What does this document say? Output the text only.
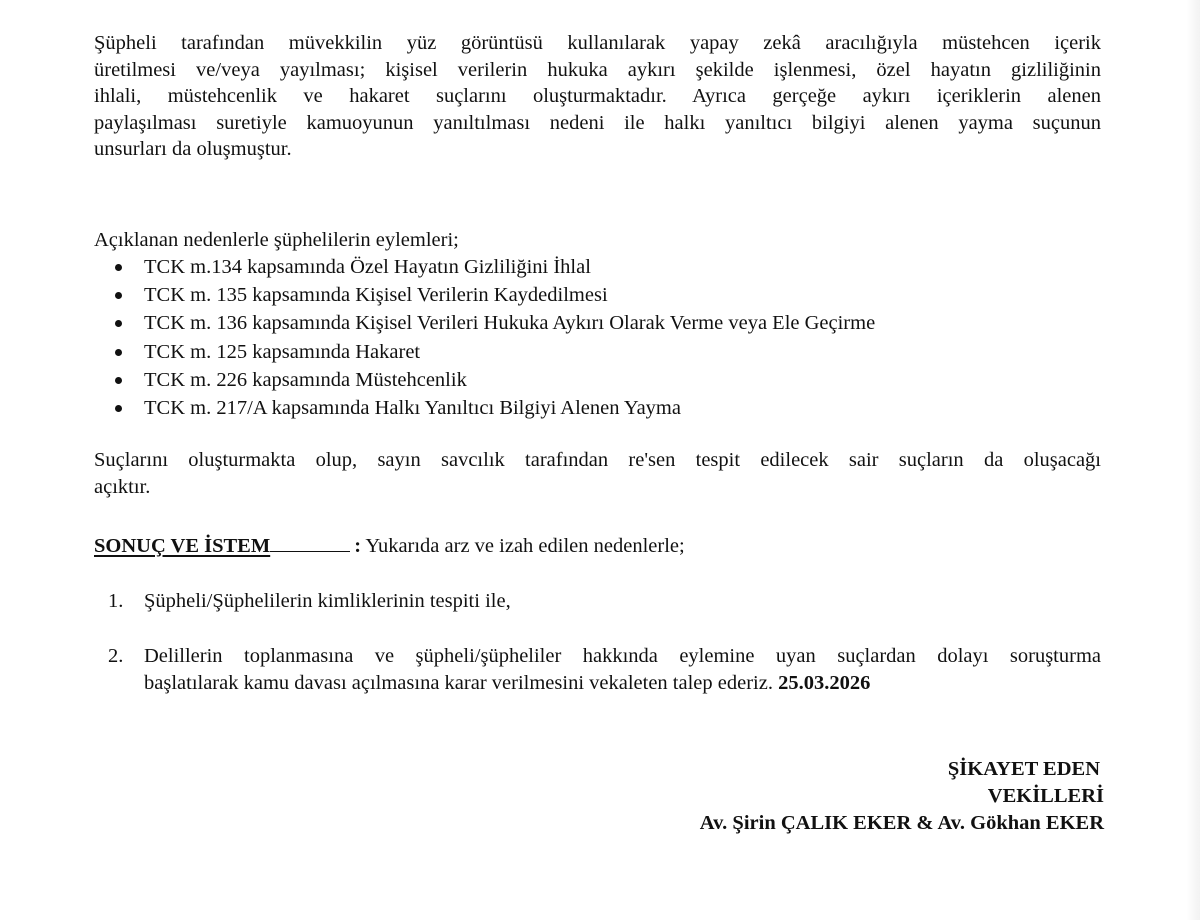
Şüpheli tarafından müvekkilin yüz görüntüsü kullanılarak yapay zekâ aracılığıyla müstehcen içerik
üretilmesi ve/veya yayılması; kişisel verilerin hukuka aykırı şekilde işlenmesi, özel hayatın gizliliğinin
ihlali, müstehcenlik ve hakaret suçlarını oluşturmaktadır. Ayrıca gerçeğe aykırı içeriklerin alenen
paylaşılması suretiyle kamuoyunun yanıltılması nedeni ile halkı yanıltıcı bilgiyi alenen yayma suçunun
unsurları da oluşmuştur.

Açıklanan nedenlerle şüphelilerin eylemleri;

TCK m.134 kapsamında Özel Hayatın Gizliliğini İhlal
TCK m. 135 kapsamında Kişisel Verilerin Kaydedilmesi
TCK m. 136 kapsamında Kişisel Verileri Hukuka Aykırı Olarak Verme veya Ele Geçirme
TCK m. 125 kapsamında Hakaret
TCK m. 226 kapsamında Müstehcenlik
TCK m. 217/A kapsamında Halkı Yanıltıcı Bilgiyi Alenen Yayma
Suçlarını oluşturmakta olup, sayın savcılık tarafından re'sen tespit edilecek sair suçların da oluşacağı
açıktır.
SONUÇ VE İSTEM	: Yukarıda arz ve izah edilen nedenlerle;
1. Şüpheli/Şüphelilerin kimliklerinin tespiti ile,
2. Delillerin toplanmasına ve şüpheli/şüpheliler hakkında eylemine uyan suçlardan dolayı soruşturma
başlatılarak kamu davası açılmasına karar verilmesini vekaleten talep ederiz. 25.03.2026
ŞİKAYET EDEN
VEKİLLERİ
Av. Şirin ÇALIK EKER & Av. Gökhan EKER
